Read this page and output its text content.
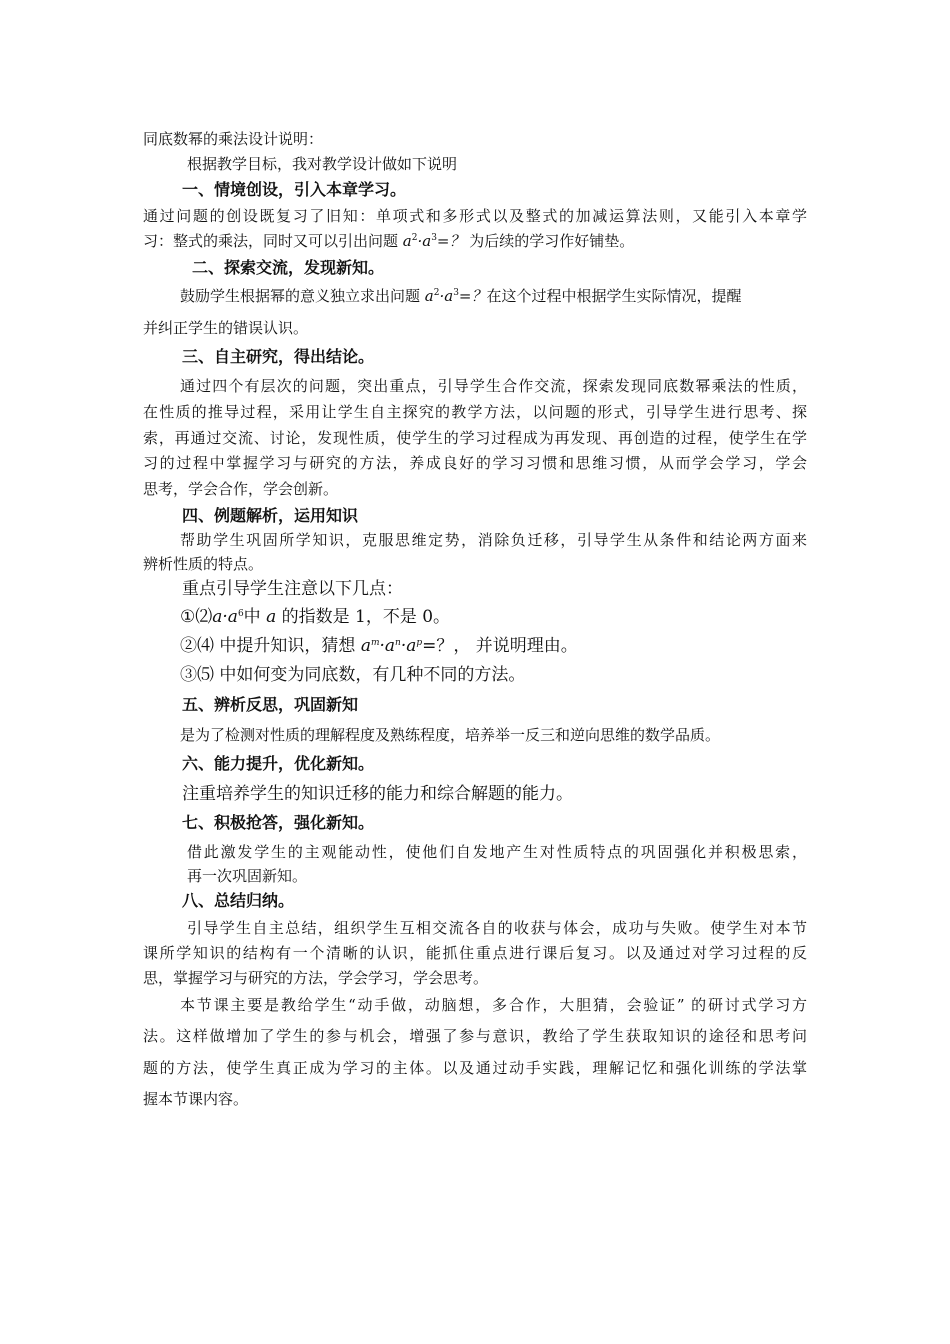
同底数幂的乘法设计说明：
根据教学目标，我对教学设计做如下说明
一、情境创设，引入本章学习。
通过问题的创设既复习了旧知：单项式和多形式以及整式的加减运算法则，又能引入本章学
习：整式的乘法，同时又可以引出问题 $a^2\cdot a^3=$？ 为后续的学习作好铺垫。
二、探索交流，发现新知。
鼓励学生根据幂的意义独立求出问题 $a^2\cdot a^3=$？在这个过程中根据学生实际情况，提醒
并纠正学生的错误认识。
三、自主研究，得出结论。
通过四个有层次的问题，突出重点，引导学生合作交流，探索发现同底数幂乘法的性质，
在性质的推导过程，采用让学生自主探究的教学方法，以问题的形式，引导学生进行思考、探
索，再通过交流、讨论，发现性质，使学生的学习过程成为再发现、再创造的过程，使学生在学
习的过程中掌握学习与研究的方法，养成良好的学习习惯和思维习惯，从而学会学习，学会
思考，学会合作，学会创新。
四、例题解析，运用知识
帮助学生巩固所学知识，克服思维定势，消除负迁移，引导学生从条件和结论两方面来
辨析性质的特点。
重点引导学生注意以下几点：
$①⑵a\cdot a^6$中 a 的指数是 1，不是 0。
②⑷ 中提升知识，猜想 $a^m\cdot a^n\cdot a^p=$？， 并说明理由。
③⑸ 中如何变为同底数，有几种不同的方法。
五、辨析反思，巩固新知
是为了检测对性质的理解程度及熟练程度，培养举一反三和逆向思维的数学品质。
六、能力提升，优化新知。
注重培养学生的知识迁移的能力和综合解题的能力。
七、积极抢答，强化新知。
借此激发学生的主观能动性，使他们自发地产生对性质特点的巩固强化并积极思索，
再一次巩固新知。
八、总结归纳。
引导学生自主总结，组织学生互相交流各自的收获与体会，成功与失败。使学生对本节
课所学知识的结构有一个清晰的认识，能抓住重点进行课后复习。以及通过对学习过程的反
思，掌握学习与研究的方法，学会学习，学会思考。
本节课主要是教给学生“动手做，动脑想，多合作，大胆猜，会验证” 的研讨式学习方
法。这样做增加了学生的参与机会，增强了参与意识，教给了学生获取知识的途径和思考问
题的方法，使学生真正成为学习的主体。以及通过动手实践，理解记忆和强化训练的学法掌
握本节课内容。
